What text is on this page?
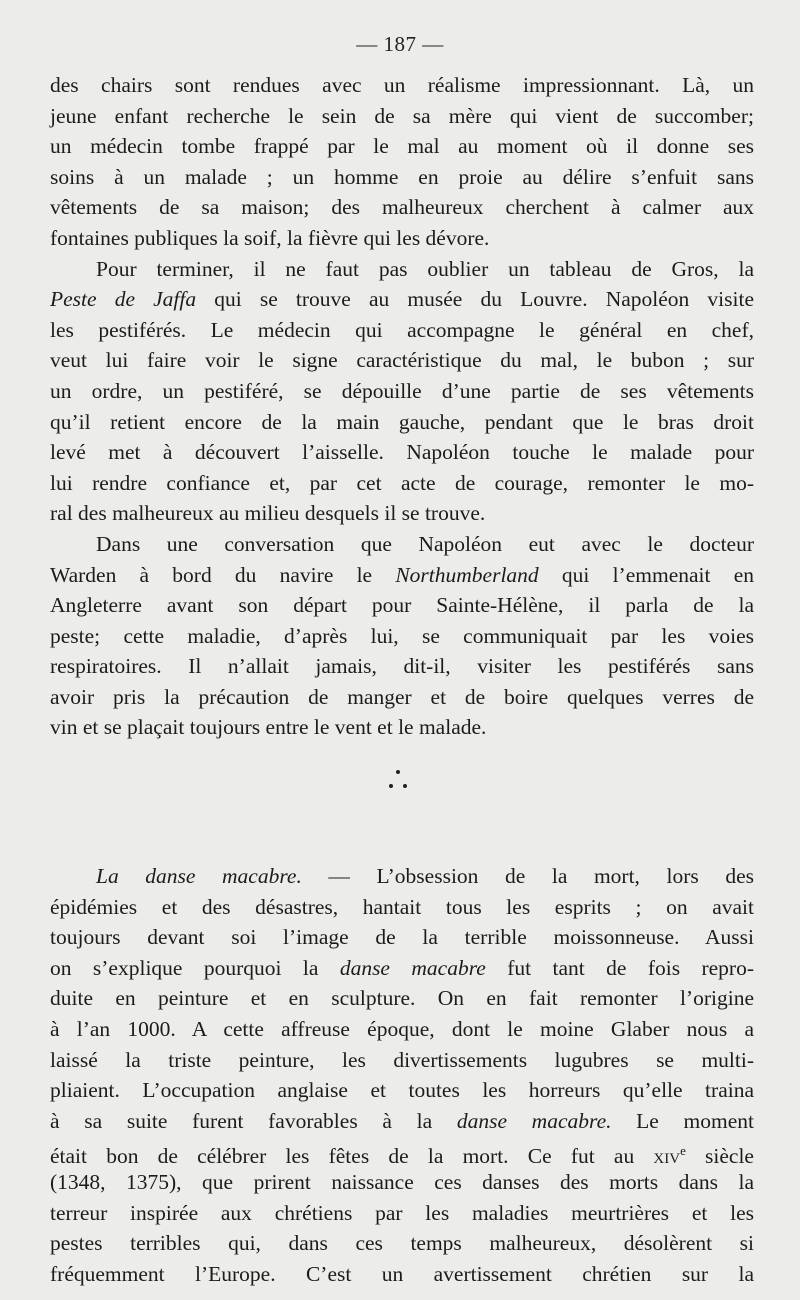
— 187 —
des chairs sont rendues avec un réalisme impressionnant. Là, un
jeune enfant recherche le sein de sa mère qui vient de succomber;
un médecin tombe frappé par le mal au moment où il donne ses
soins à un malade ; un homme en proie au délire s’enfuit sans
vêtements de sa maison; des malheureux cherchent à calmer aux
fontaines publiques la soif, la fièvre qui les dévore.
Pour terminer, il ne faut pas oublier un tableau de Gros, la
Peste de Jaffa qui se trouve au musée du Louvre. Napoléon visite
les pestiférés. Le médecin qui accompagne le général en chef,
veut lui faire voir le signe caractéristique du mal, le bubon ; sur
un ordre, un pestiféré, se dépouille d’une partie de ses vêtements
qu’il retient encore de la main gauche, pendant que le bras droit
levé met à découvert l’aisselle. Napoléon touche le malade pour
lui rendre confiance et, par cet acte de courage, remonter le mo-
ral des malheureux au milieu desquels il se trouve.
Dans une conversation que Napoléon eut avec le docteur
Warden à bord du navire le Northumberland qui l’emmenait en
Angleterre avant son départ pour Sainte-Hélène, il parla de la
peste; cette maladie, d’après lui, se communiquait par les voies
respiratoires. Il n’allait jamais, dit-il, visiter les pestiférés sans
avoir pris la précaution de manger et de boire quelques verres de
vin et se plaçait toujours entre le vent et le malade.
La danse macabre. — L’obsession de la mort, lors des
épidémies et des désastres, hantait tous les esprits ; on avait
toujours devant soi l’image de la terrible moissonneuse. Aussi
on s’explique pourquoi la danse macabre fut tant de fois repro-
duite en peinture et en sculpture. On en fait remonter l’origine
à l’an 1000. A cette affreuse époque, dont le moine Glaber nous a
laissé la triste peinture, les divertissements lugubres se multi-
pliaient. L’occupation anglaise et toutes les horreurs qu’elle traina
à sa suite furent favorables à la danse macabre. Le moment
était bon de célébrer les fêtes de la mort. Ce fut au xiv$^e$ siècle
(1348, 1375), que prirent naissance ces danses des morts dans la
terreur inspirée aux chrétiens par les maladies meurtrières et les
pestes terribles qui, dans ces temps malheureux, désolèrent si
fréquemment l’Europe. C’est un avertissement chrétien sur la
